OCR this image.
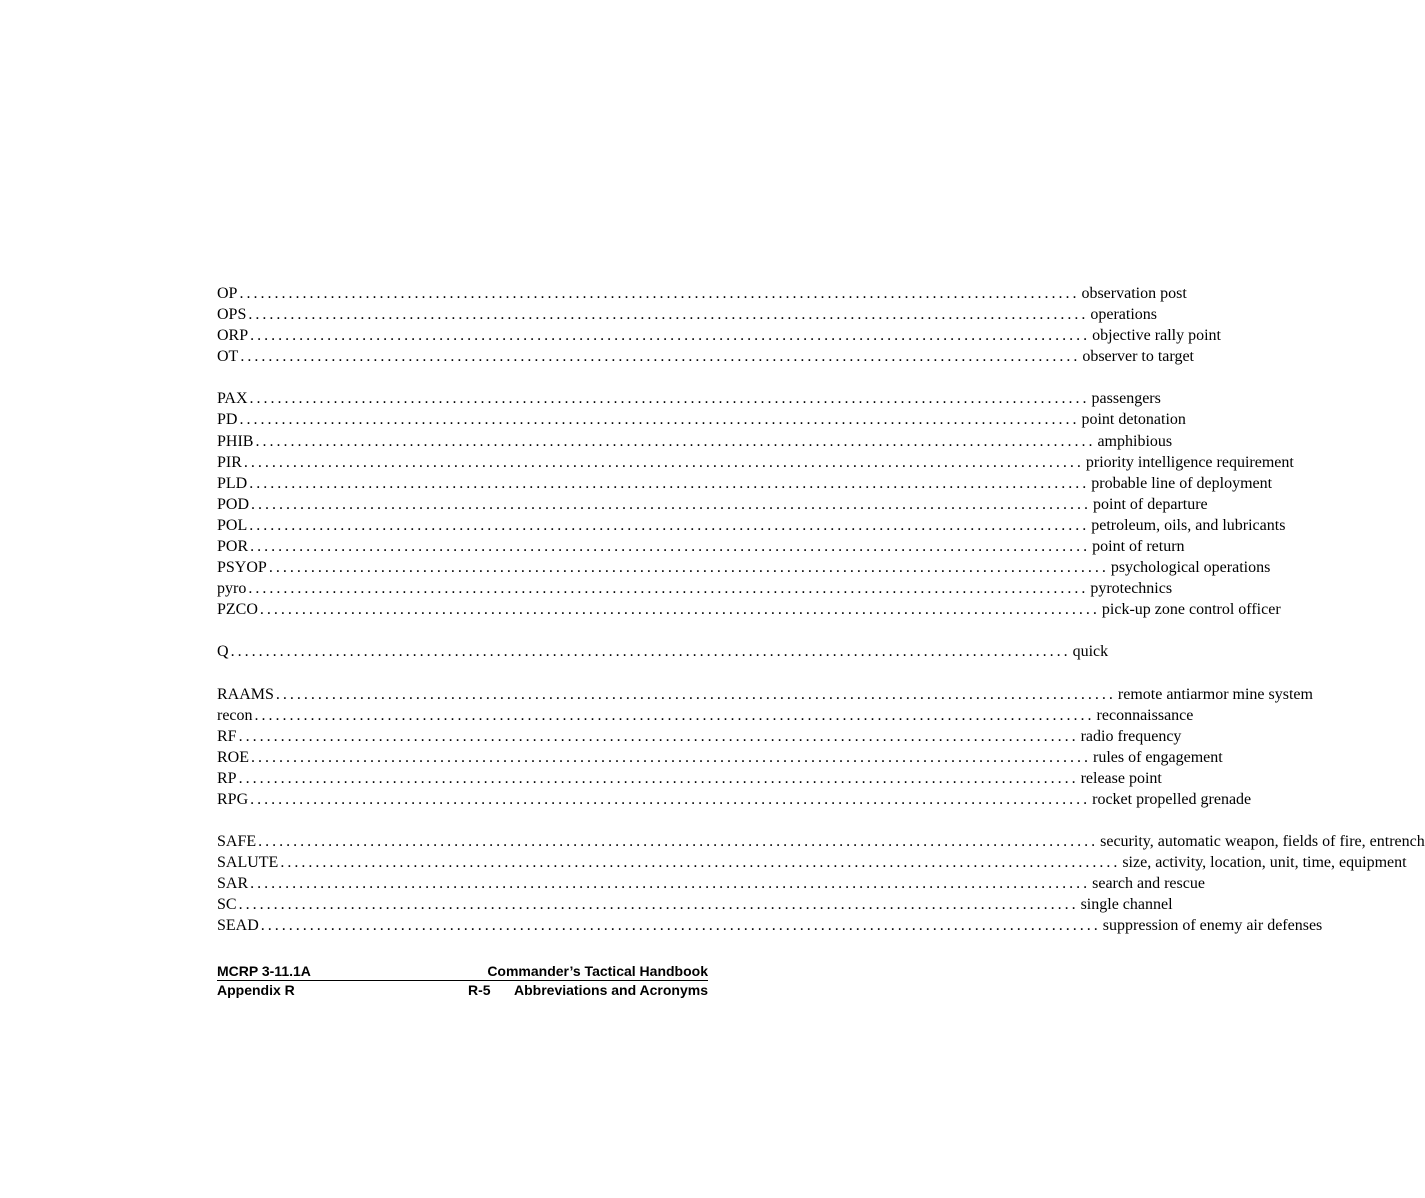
OP ........................................................................................................................ observation post
OPS ........................................................................................................................ operations
ORP ........................................................................................................................ objective rally point
OT ........................................................................................................................ observer to target
PAX ........................................................................................................................ passengers
PD ........................................................................................................................ point detonation
PHIB ........................................................................................................................ amphibious
PIR ........................................................................................................................ priority intelligence requirement
PLD ........................................................................................................................ probable line of deployment
POD ........................................................................................................................ point of departure
POL ........................................................................................................................ petroleum, oils, and lubricants
POR ........................................................................................................................ point of return
PSYOP ........................................................................................................................ psychological operations
pyro ........................................................................................................................ pyrotechnics
PZCO ........................................................................................................................ pick-up zone control officer
Q ........................................................................................................................ quick
RAAMS ........................................................................................................................ remote antiarmor mine system
recon ........................................................................................................................ reconnaissance
RF ........................................................................................................................ radio frequency
ROE ........................................................................................................................ rules of engagement
RP ........................................................................................................................ release point
RPG ........................................................................................................................ rocket propelled grenade
SAFE ........................................................................................................................ security, automatic weapon, fields of fire, entrench
SALUTE ........................................................................................................................ size, activity, location, unit, time, equipment
SAR ........................................................................................................................ search and rescue
SC ........................................................................................................................ single channel
SEAD ........................................................................................................................ suppression of enemy air defenses
MCRP 3-11.1A	Commander’s Tactical Handbook
Appendix R	R-5	Abbreviations and Acronyms
